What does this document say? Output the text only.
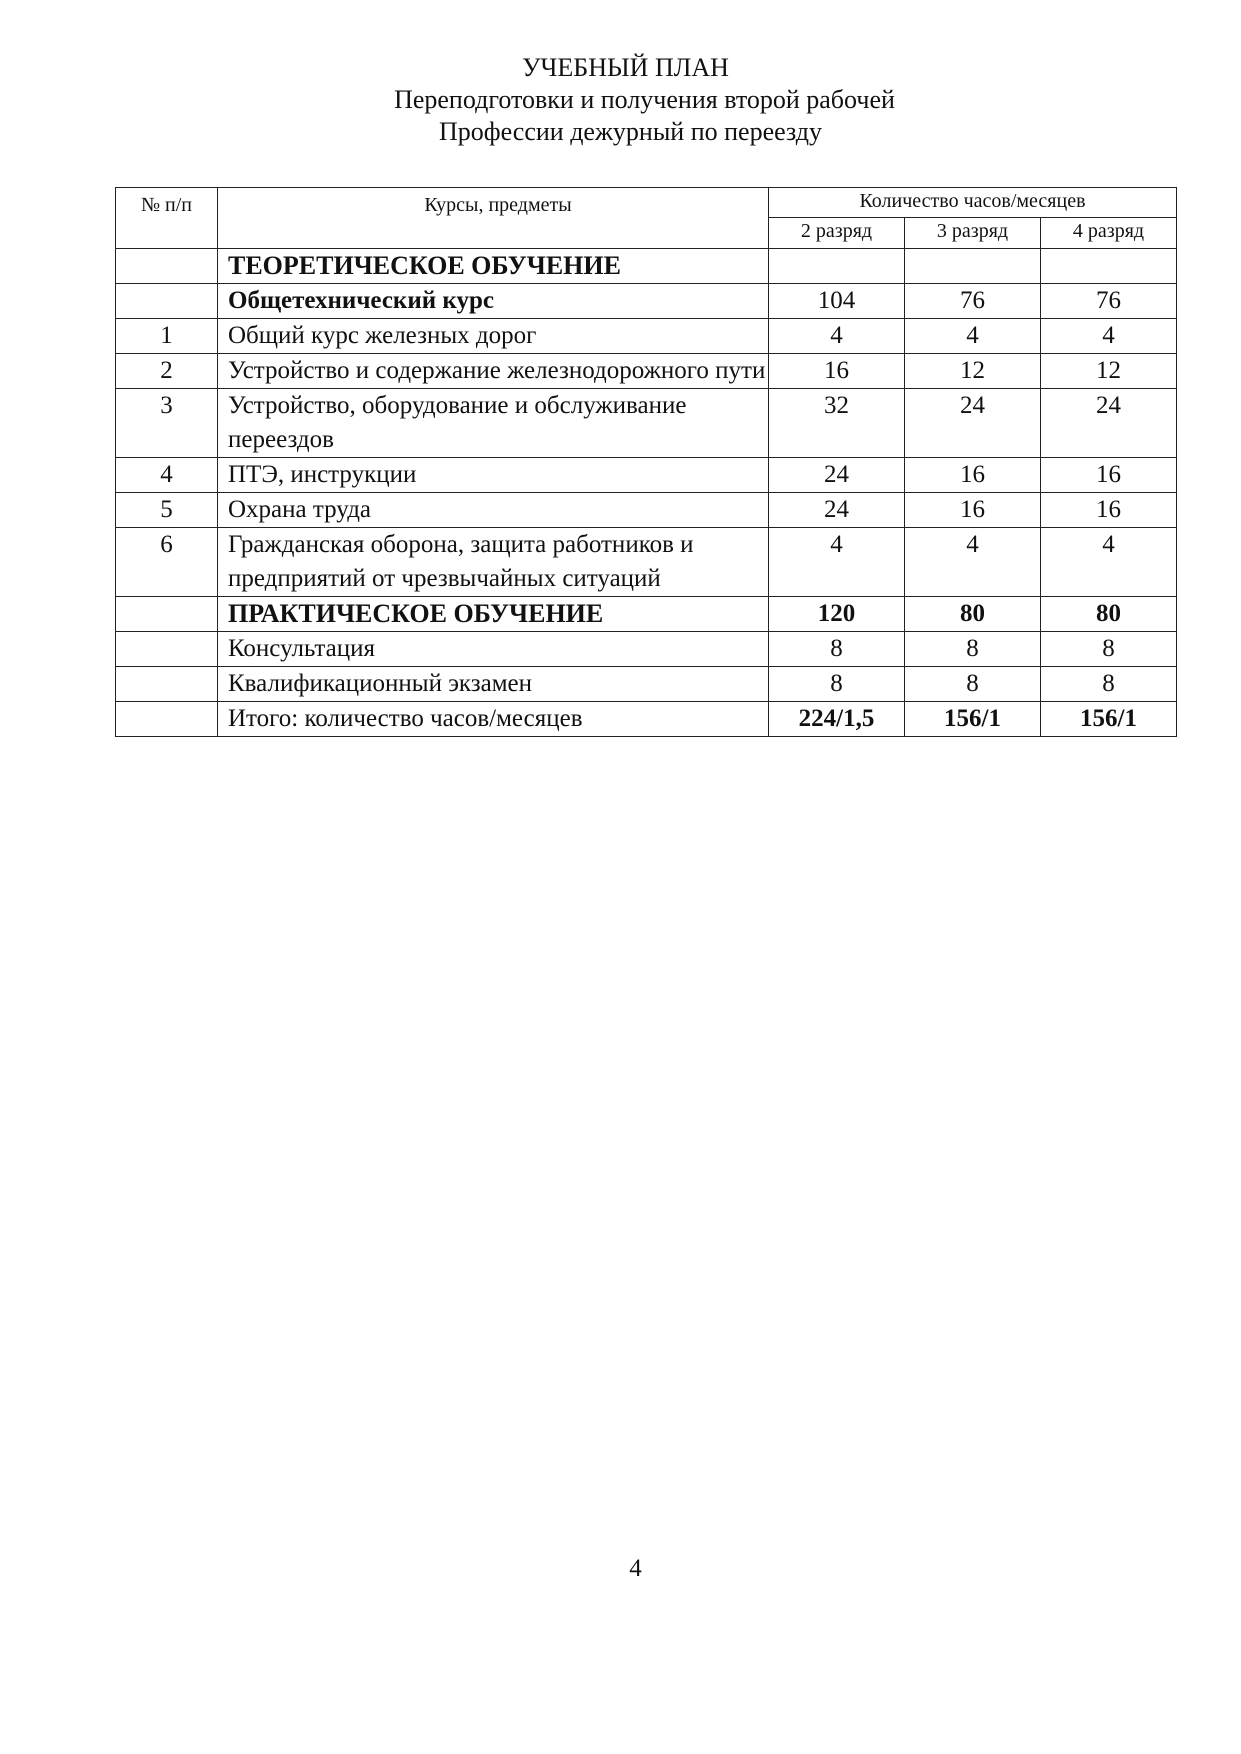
УЧЕБНЫЙ ПЛАН
Переподготовки и получения второй рабочей
Профессии дежурный по переезду
№ п/п	Курсы, предметы	Количество часов/месяцев		
		2 разряд	3 разряд	4 разряд
	ТЕОРЕТИЧЕСКОЕ ОБУЧЕНИЕ			
	Общетехнический курс	104	76	76
1	Общий курс железных дорог	4	4	4
2	Устройство и содержание железнодорожного пути	16	12	12
3	Устройство, оборудование и обслуживание переездов	32	24	24
4	ПТЭ, инструкции	24	16	16
5	Охрана труда	24	16	16
6	Гражданская оборона, защита работников и предприятий от чрезвычайных ситуаций	4	4	4
	ПРАКТИЧЕСКОЕ ОБУЧЕНИЕ	120	80	80
	Консультация	8	8	8
	Квалификационный экзамен	8	8	8
	Итого: количество часов/месяцев	224/1,5	156/1	156/1
4
